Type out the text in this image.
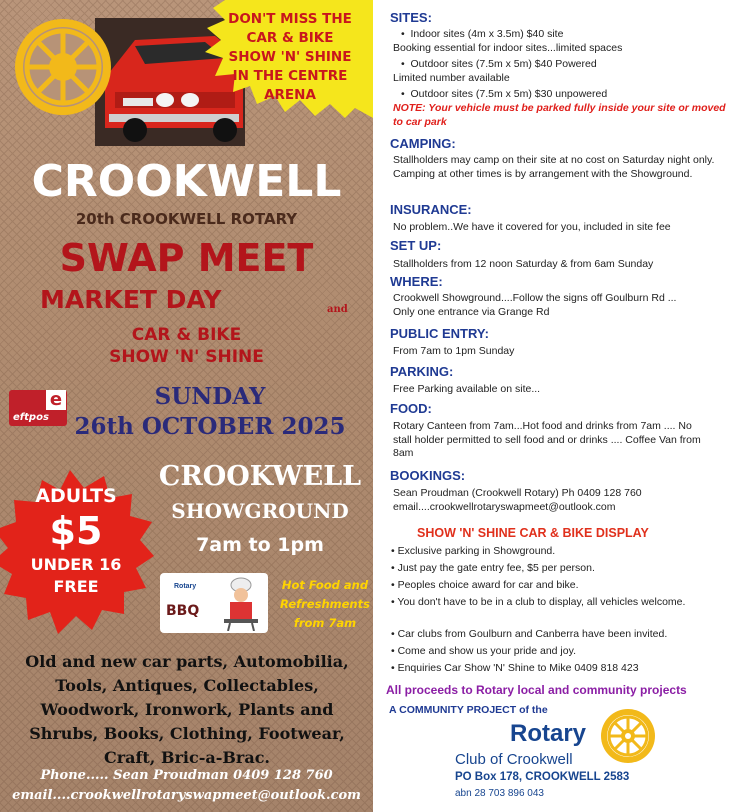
DON'T MISS THE
CAR & BIKE
SHOW 'N' SHINE
IN THE CENTRE
ARENA
CROOKWELL
20th CROOKWELL ROTARY
SWAP MEET
MARKET DAY	and
CAR & BIKE
SHOW 'N' SHINE
e
eftpos
SUNDAY
26th OCTOBER 2025
ADULTS
$5
UNDER 16
FREE
CROOKWELL
SHOWGROUND
7am to 1pm
Rotary
BBQ
Hot Food and
Refreshments
from 7am
Old and new car parts, Automobilia,
Tools, Antiques, Collectables,
Woodwork, Ironwork, Plants and
Shrubs, Books, Clothing, Footwear,
Craft, Bric-a-Brac.
Phone..... Sean Proudman 0409 128 760
email....crookwellrotaryswapmeet@outlook.com
SITES:
•  Indoor sites (4m x 3.5m) $40 site
Booking essential for indoor sites...limited spaces
•  Outdoor sites (7.5m x 5m) $40 Powered
Limited number available
•  Outdoor sites (7.5m x 5m) $30 unpowered
NOTE: Your vehicle must be parked fully inside your site or moved to car park
CAMPING:
Stallholders may camp on their site at no cost on Saturday night only. Camping at other times is by arrangement with the Showground.
INSURANCE:
No problem..We have it covered for you, included in site fee
SET UP:
Stallholders from 12 noon Saturday & from 6am Sunday
WHERE:
Crookwell Showground....Follow the signs off Goulburn Rd ...
Only one entrance via Grange Rd
PUBLIC ENTRY:
From 7am to 1pm Sunday
PARKING:
Free Parking available on site...
FOOD:
Rotary Canteen from 7am...Hot food and drinks from 7am .... No stall holder permitted to sell food and or drinks .... Coffee Van from 8am
BOOKINGS:
Sean Proudman (Crookwell Rotary) Ph 0409 128 760
email....crookwellrotaryswapmeet@outlook.com
SHOW 'N' SHINE CAR & BIKE DISPLAY
• Exclusive parking in Showground.
• Just pay the gate entry fee, $5 per person.
• Peoples choice award for car and bike.
• You don't have to be in a club to display, all vehicles welcome.
• Car clubs from Goulburn and Canberra have been invited.
• Come and show us your pride and joy.
• Enquiries Car Show 'N' Shine to Mike 0409 818 423
All proceeds to Rotary local and community projects
A COMMUNITY PROJECT of the
Rotary
Club of Crookwell
PO Box 178, CROOKWELL 2583
abn 28 703 896 043
